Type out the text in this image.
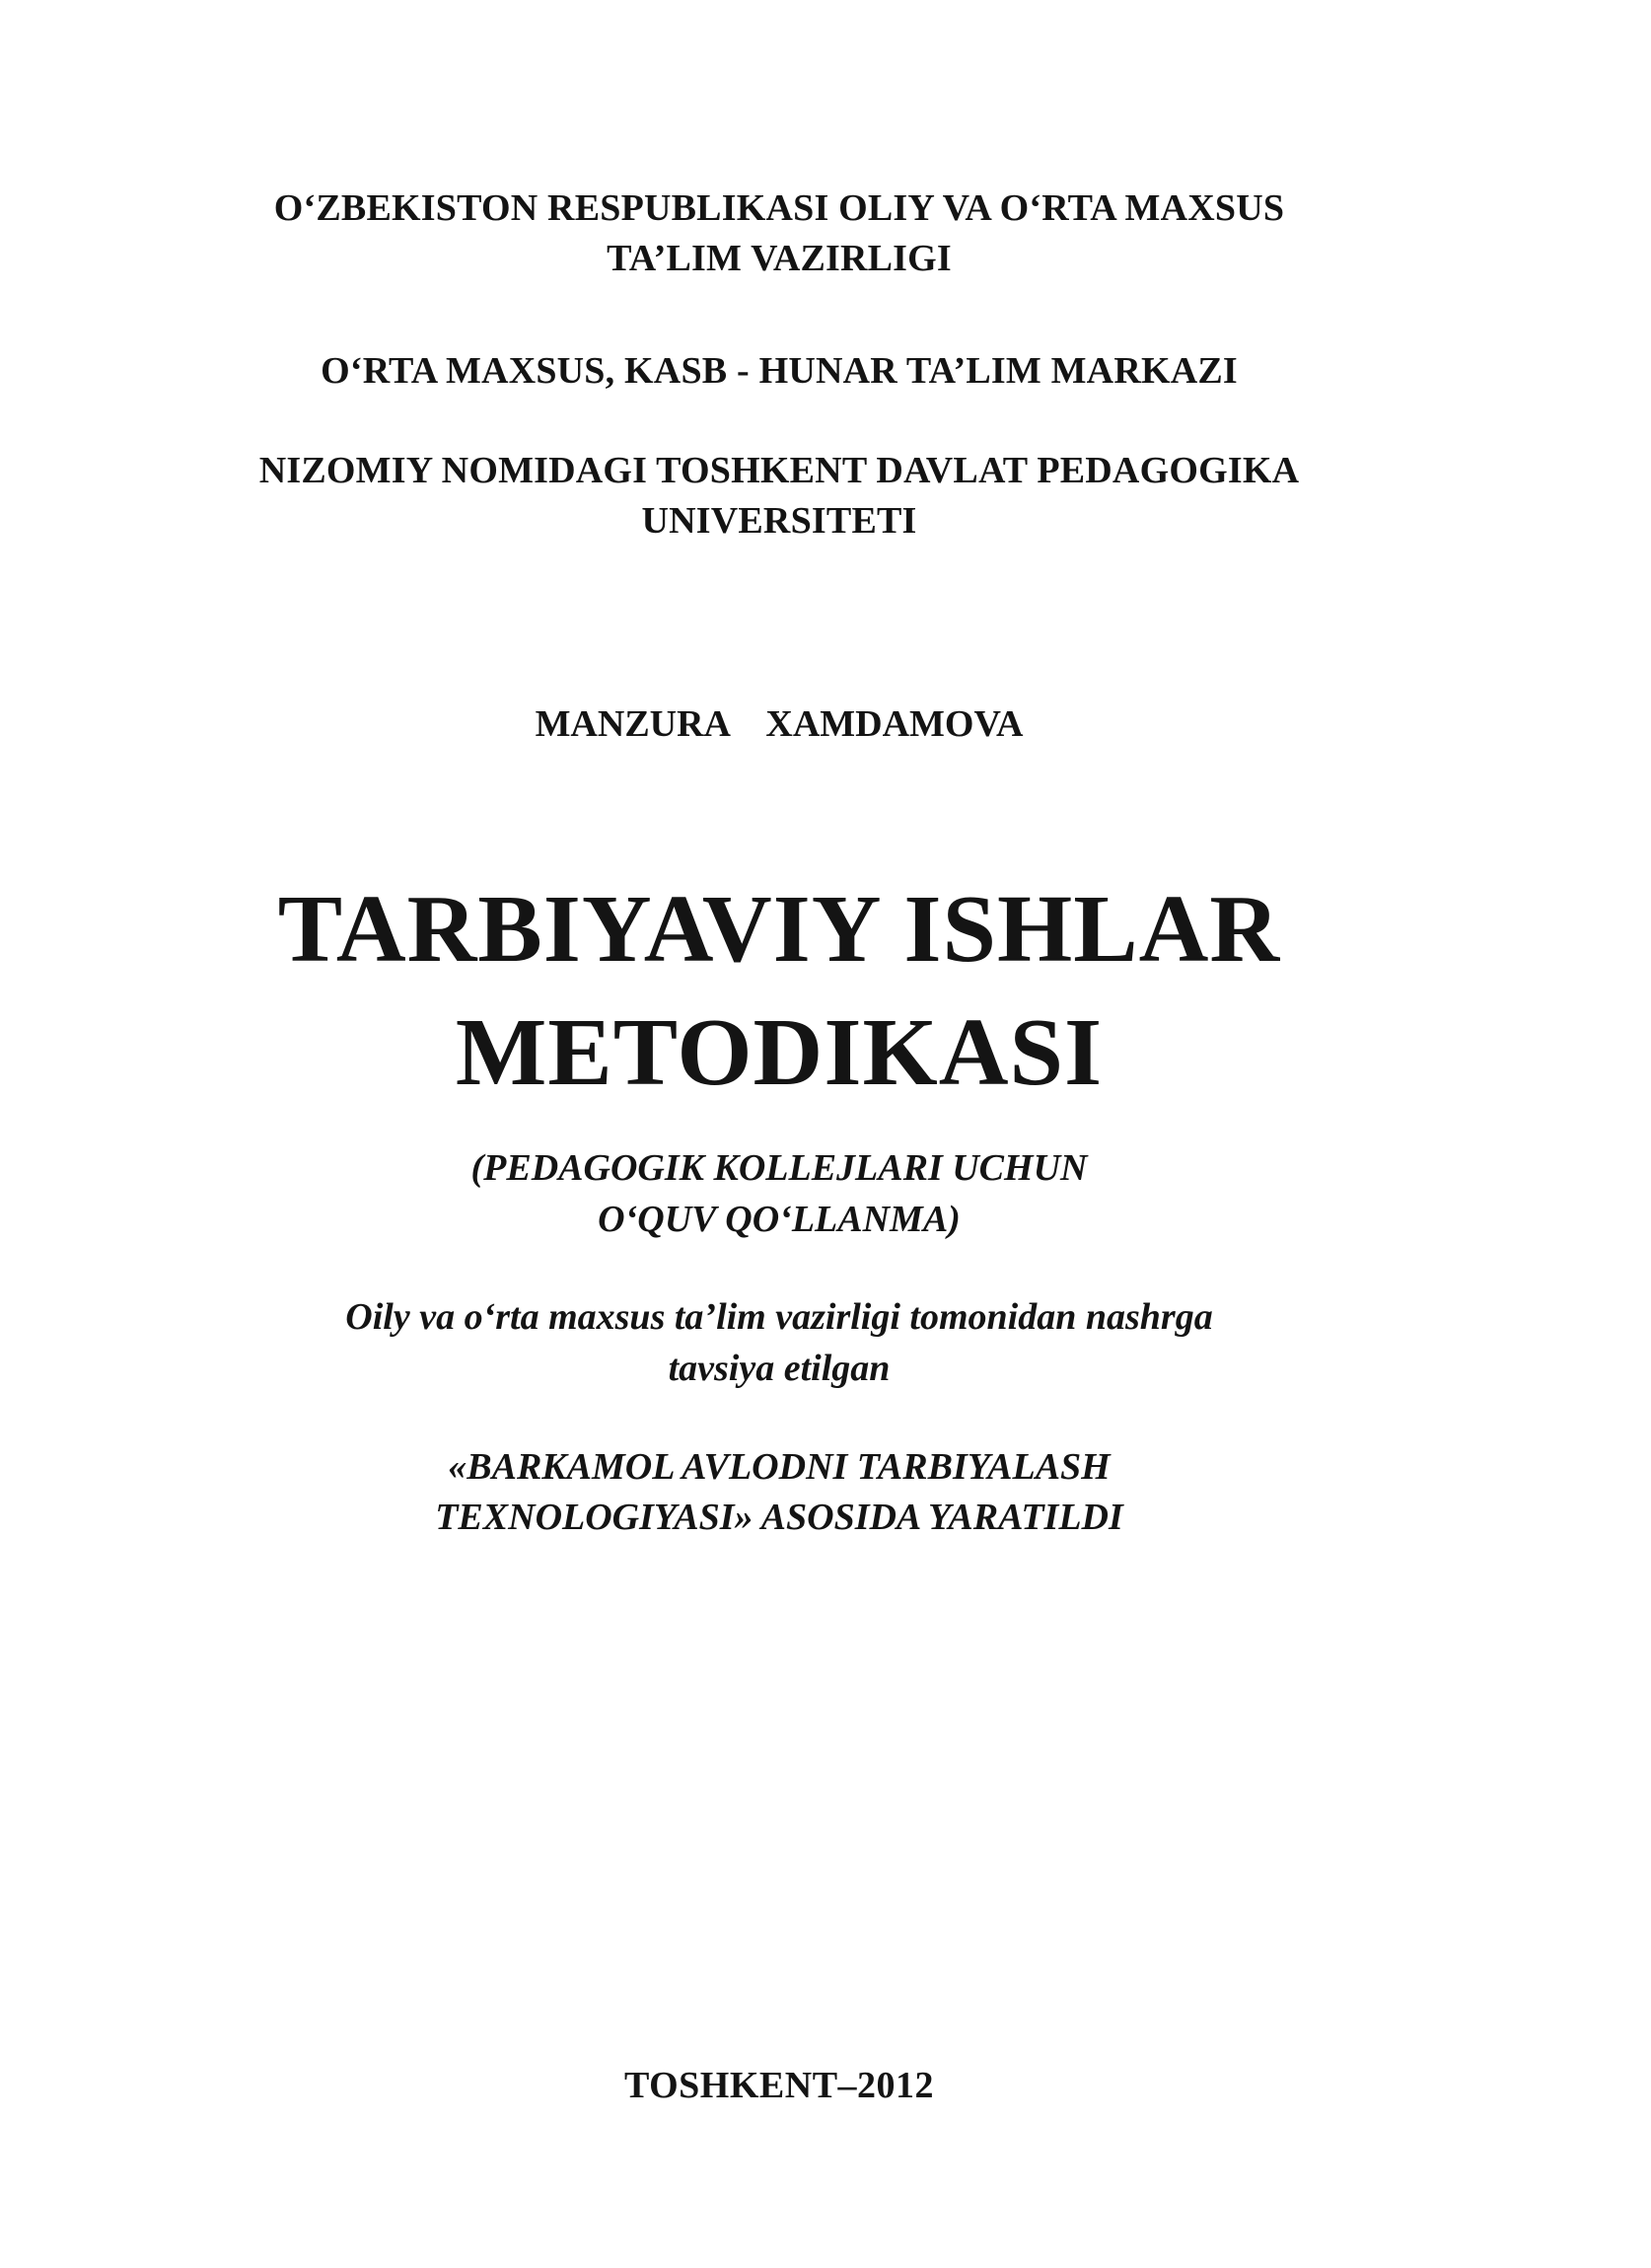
O‘ZBEKISTON RESPUBLIKASI OLIY VA O‘RTA MAXSUS
TA’LIM VAZIRLIGI
O‘RTA MAXSUS, KASB - HUNAR TA’LIM MARKAZI
NIZOMIY NOMIDAGI TOSHKENT DAVLAT PEDAGOGIKA
UNIVERSITETI
MANZURA XAMDAMOVA
TARBIYAVIY ISHLAR
METODIKASI
(PEDAGOGIK KOLLEJLARI UCHUN
O‘QUV QO‘LLANMA)
Oily va o‘rta maxsus ta’lim vazirligi tomonidan nashrga
tavsiya etilgan
«BARKAMOL AVLODNI TARBIYALASH
TEXNOLOGIYASI» ASOSIDA YARATILDI
TOSHKENT–2012
